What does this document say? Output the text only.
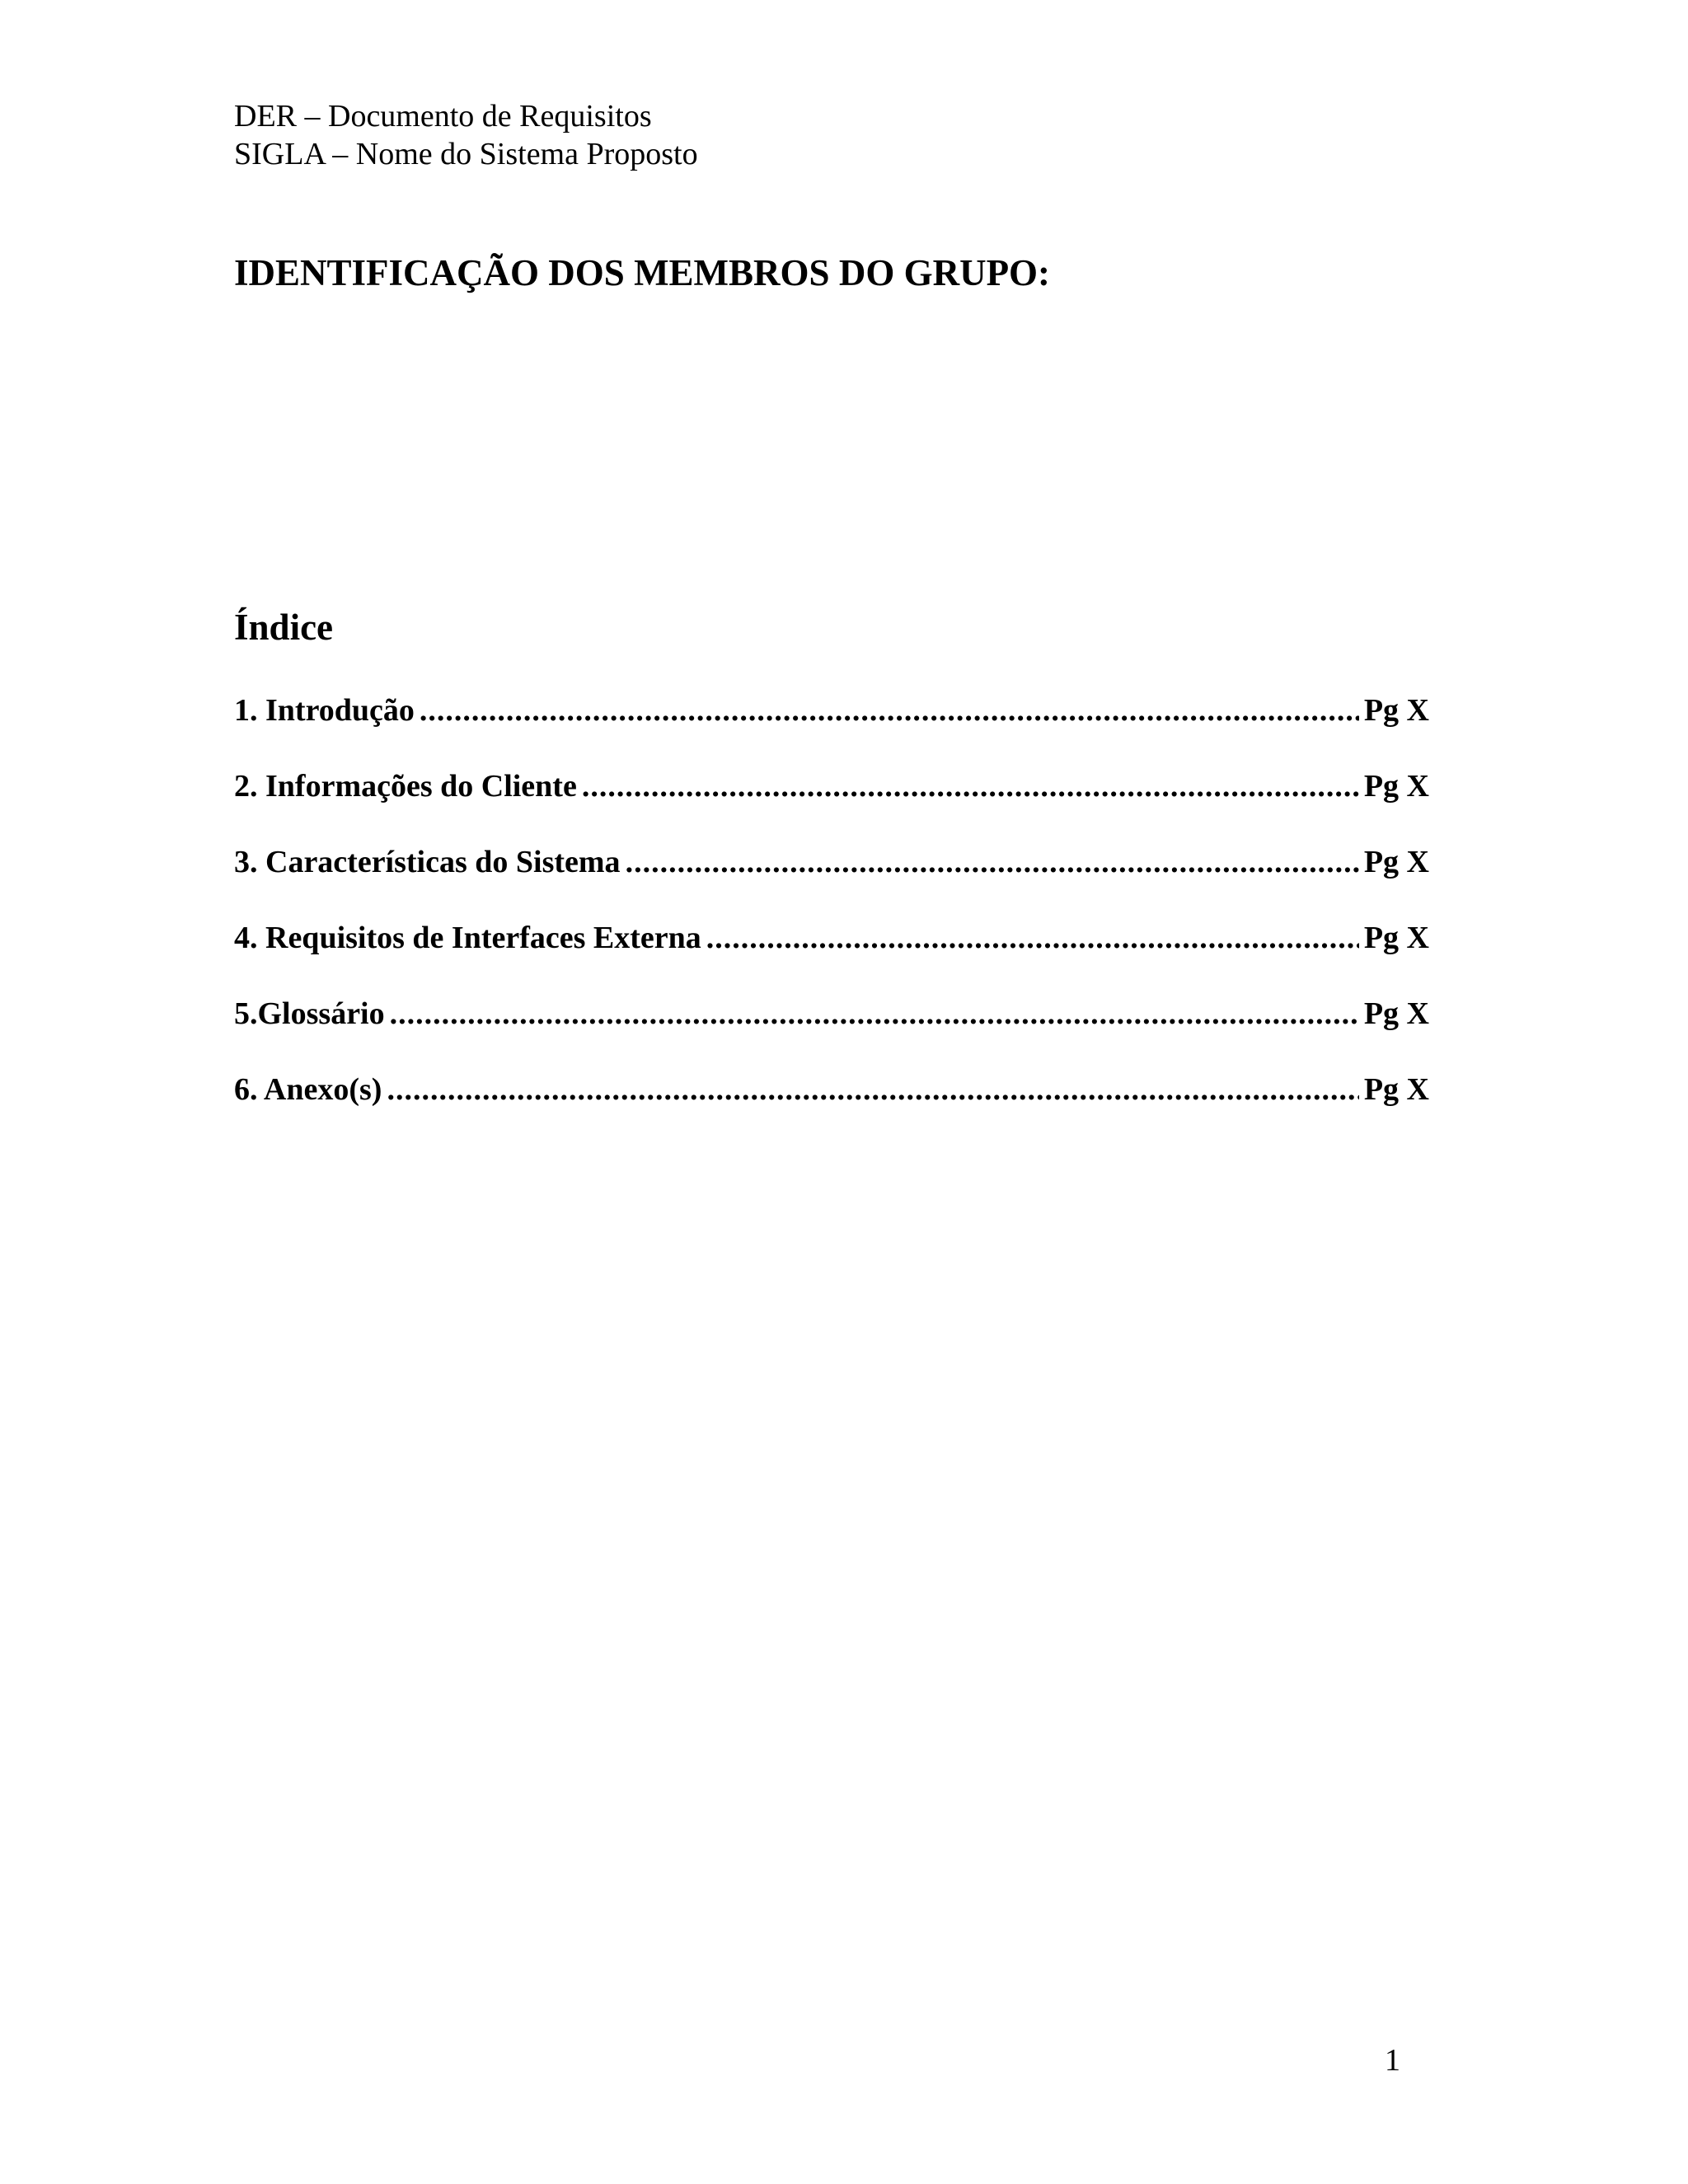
DER – Documento de Requisitos
SIGLA – Nome do Sistema Proposto
IDENTIFICAÇÃO DOS MEMBROS DO GRUPO:
Índice
1. Introdução .....	Pg X
2. Informações do Cliente .....	Pg X
3. Características do Sistema .....	Pg X
4. Requisitos de Interfaces Externa .....	Pg X
5.Glossário .....	Pg X
6. Anexo(s) .....	Pg X
1
